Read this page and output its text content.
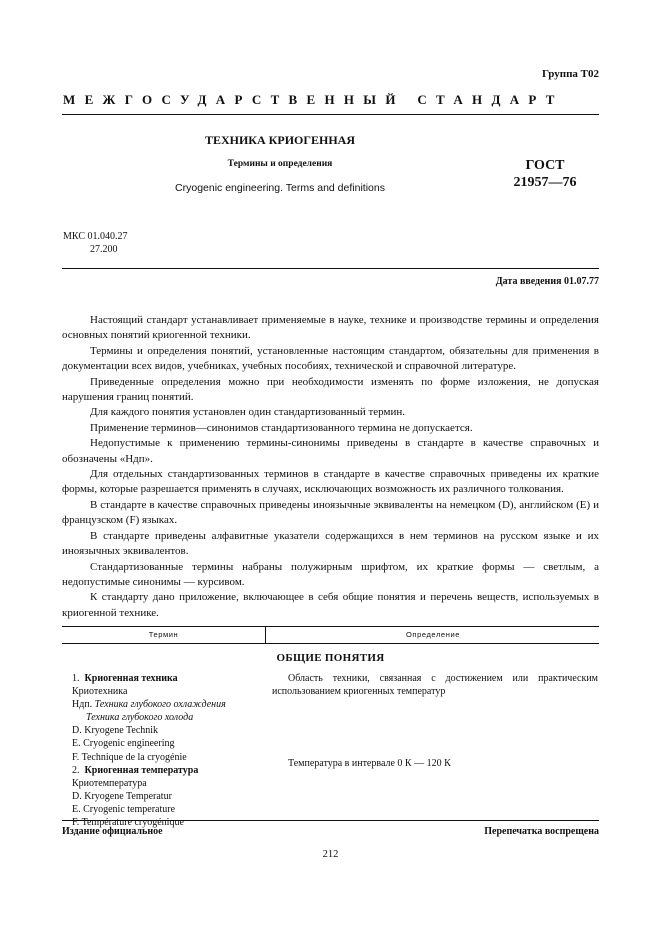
Группа Т02
МЕЖГОСУДАРСТВЕННЫЙ СТАНДАРТ
ТЕХНИКА КРИОГЕННАЯ
Термины и определения
Cryogenic engineering. Terms and definitions
ГОСТ
21957—76
МКС 01.040.27
27.200
Дата введения 01.07.77

Настоящий стандарт устанавливает применяемые в науке, технике и производстве термины и определения основных понятий криогенной техники.

Термины и определения понятий, установленные настоящим стандартом, обязательны для применения в документации всех видов, учебниках, учебных пособиях, технической и справочной литературе.

Приведенные определения можно при необходимости изменять по форме изложения, не допуская нарушения границ понятий.

Для каждого понятия установлен один стандартизованный термин.

Применение терминов—синонимов стандартизованного термина не допускается.

Недопустимые к применению термины-синонимы приведены в стандарте в качестве справочных и обозначены «Ндп».

Для отдельных стандартизованных терминов в стандарте в качестве справочных приведены их краткие формы, которые разрешается применять в случаях, исключающих возможность их различного толкования.

В стандарте в качестве справочных приведены иноязычные эквиваленты на немецком (D), английском (E) и французском (F) языках.

В стандарте приведены алфавитные указатели содержащихся в нем терминов на русском языке и их иноязычных эквивалентов.

Стандартизованные термины набраны полужирным шрифтом, их краткие формы — светлым, а недопустимые синонимы — курсивом.

К стандарту дано приложение, включающее в себя общие понятия и перечень веществ, используемых в криогенной технике.

Термин	Определение
ОБЩИЕ ПОНЯТИЯ
1. Криогенная техника
Криотехника
Ндп. Техника глубокого охлаждения
Техника глубокого холода
D. Kryogene Technik
E. Cryogenic engineering
F. Technique de la cryogénie
2. Криогенная температура
Криотемпература
D. Kryogene Temperatur
E. Cryogenic temperature
F. Température cryogénique
Область техники, связанная с достижением или практическим использованием криогенных температур
Температура в интервале 0 К — 120 К
Издание официальное	Перепечатка воспрещена
212
